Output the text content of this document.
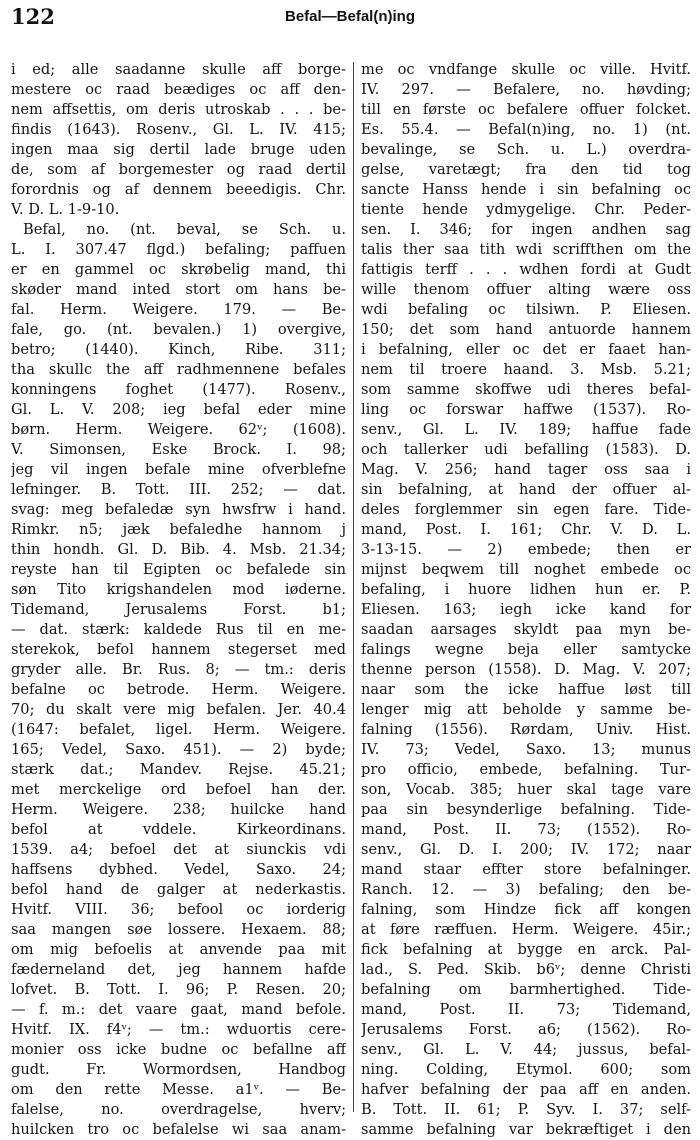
122	Befal—Befal(n)ing
i ed; alle saadanne skulle aff borge-
mestere oc raad beædiges oc aff den-
nem affsettis, om deris utroskab . . . be-
findis (1643). Rosenv., Gl. L. IV. 415;
ingen maa sig dertil lade bruge uden
de, som af borgemester og raad dertil
forordnis og af dennem beeedigis. Chr.
V. D. L. 1-9-10.
Befal, no. (nt. beval, se Sch. u.
L. I. 307.47 flgd.) befaling; paffuen
er en gammel oc skrøbelig mand, thi
skøder mand inted stort om hans be-
fal. Herm. Weigere. 179. — Be-
fale, go. (nt. bevalen.) 1) overgive,
betro; (1440). Kinch, Ribe. 311;
tha skullc the aff radhmennene befales
konningens foghet (1477). Rosenv.,
Gl. L. V. 208; ieg befal eder mine
børn. Herm. Weigere. 62ᵛ; (1608).
V. Simonsen, Eske Brock. I. 98;
jeg vil ingen befale mine ofverblefne
lefninger. B. Tott. III. 252; — dat.
svag: meg befaledæ syn hwsfrw i hand.
Rimkr. n5; jæk befaledhe hannom j
thin hondh. Gl. D. Bib. 4. Msb. 21.34;
reyste han til Egipten oc befalede sin
søn Tito krigshandelen mod iøderne.
Tidemand, Jerusalems Forst. b1;
— dat. stærk: kaldede Rus til en me-
sterekok, befol hannem stegerset med
gryder alle. Br. Rus. 8; — tm.: deris
befalne oc betrode. Herm. Weigere.
70; du skalt vere mig befalen. Jer. 40.4
(1647: befalet, ligel. Herm. Weigere.
165; Vedel, Saxo. 451). — 2) byde;
stærk dat.; Mandev. Rejse. 45.21;
met merckelige ord befoel han der.
Herm. Weigere. 238; huilcke hand
befol at vddele. Kirkeordinans.
1539. a4; befoel det at siunckis vdi
haffsens dybhed. Vedel, Saxo. 24;
befol hand de galger at nederkastis.
Hvitf. VIII. 36; befool oc iorderig
saa mangen søe lossere. Hexaem. 88;
om mig befoelis at anvende paa mit
fæderneland det, jeg hannem hafde
lofvet. B. Tott. I. 96; P. Resen. 20;
— f. m.: det vaare gaat, mand befole.
Hvitf. IX. f4ᵛ; — tm.: wduortis cere-
monier oss icke budne oc befallne aff
gudt. Fr. Wormordsen, Handbog
om den rette Messe. a1ᵛ. — Be-
falelse, no. overdragelse, hverv;
huilcken tro oc befalelse wi saa anam-
me oc vndfange skulle oc ville. Hvitf.
IV. 297. — Befalere, no. høvding;
till en første oc befalere offuer folcket.
Es. 55.4. — Befal(n)ing, no. 1) (nt.
bevalinge, se Sch. u. L.) overdra-
gelse, varetægt; fra den tid tog
sancte Hanss hende i sin befalning oc
tiente hende ydmygelige. Chr. Peder-
sen. I. 346; for ingen andhen sag
talis ther saa tith wdi scriffthen om the
fattigis terff . . . wdhen fordi at Gudt
wille thenom offuer alting wære oss
wdi befaling oc tilsiwn. P. Eliesen.
150; det som hand antuorde hannem
i befalning, eller oc det er faaet han-
nem til troere haand. 3. Msb. 5.21;
som samme skoffwe udi theres befal-
ling oc forswar haffwe (1537). Ro-
senv., Gl. L. IV. 189; haffue fade
och tallerker udi befalling (1583). D.
Mag. V. 256; hand tager oss saa i
sin befalning, at hand der offuer al-
deles forglemmer sin egen fare. Tide-
mand, Post. I. 161; Chr. V. D. L.
3-13-15. — 2) embede; then er
mijnst beqwem till noghet embede oc
befaling, i huore lidhen hun er. P.
Eliesen. 163; iegh icke kand for
saadan aarsages skyldt paa myn be-
falings wegne beja eller samtycke
thenne person (1558). D. Mag. V. 207;
naar som the icke haffue løst till
lenger mig att beholde y samme be-
falning (1556). Rørdam, Univ. Hist.
IV. 73; Vedel, Saxo. 13; munus
pro officio, embede, befalning. Tur-
son, Vocab. 385; huer skal tage vare
paa sin besynderlige befalning. Tide-
mand, Post. II. 73; (1552). Ro-
senv., Gl. D. I. 200; IV. 172; naar
mand staar effter store befalninger.
Ranch. 12. — 3) befaling; den be-
falning, som Hindze fick aff kongen
at føre ræffuen. Herm. Weigere. 45ir.;
fick befalning at bygge en arck. Pal-
lad., S. Ped. Skib. b6ᵛ; denne Christi
befalning om barmhertighed. Tide-
mand, Post. II. 73; Tidemand,
Jerusalems Forst. a6; (1562). Ro-
senv., Gl. L. V. 44; jussus, befal-
ning. Colding, Etymol. 600; som
hafver befalning der paa aff en anden.
B. Tott. II. 61; P. Syv. I. 37; self-
samme befalning var bekræftiget i den
